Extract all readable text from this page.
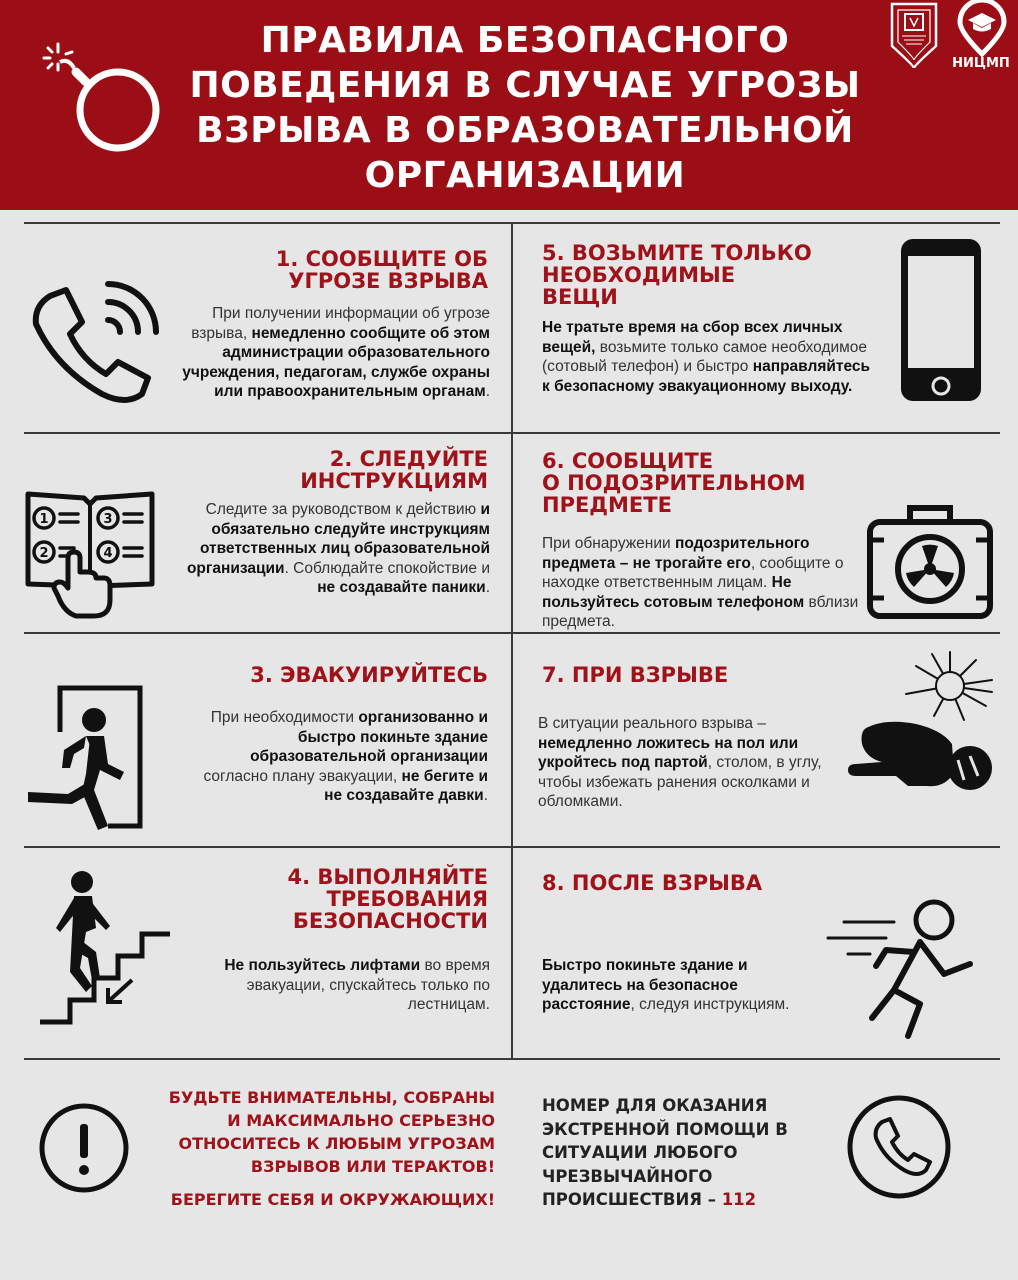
ПРАВИЛА БЕЗОПАСНОГО
ПОВЕДЕНИЯ В СЛУЧАЕ УГРОЗЫ
ВЗРЫВА В ОБРАЗОВАТЕЛЬНОЙ
ОРГАНИЗАЦИИ
НИЦМП
1. СООБЩИТЕ ОБ
УГРОЗЕ ВЗРЫВА
При получении информации об угрозе взрыва, немедленно сообщите об этом администрации образовательного учреждения, педагогам, службе охраны или правоохранительным органам.
5. ВОЗЬМИТЕ ТОЛЬКО
НЕОБХОДИМЫЕ
ВЕЩИ
Не тратьте время на сбор всех личных вещей, возьмите только самое необходимое (сотовый телефон) и быстро направляйтесь к безопасному эвакуационному выходу.
2. СЛЕДУЙТЕ
ИНСТРУКЦИЯМ
Следите за руководством к действию и обязательно следуйте инструкциям ответственных лиц образовательной организации. Соблюдайте спокойствие и не создавайте паники.
1
2
3
4
6. СООБЩИТЕ
О ПОДОЗРИТЕЛЬНОМ
ПРЕДМЕТЕ
При обнаружении подозрительного предмета – не трогайте его, сообщите о находке ответственным лицам. Не пользуйтесь сотовым телефоном вблизи предмета.
3. ЭВАКУИРУЙТЕСЬ
При необходимости организованно и быстро покиньте здание образовательной организации согласно плану эвакуации, не бегите и не создавайте давки.
7. ПРИ ВЗРЫВЕ
В ситуации реального взрыва – немедленно ложитесь на пол или укройтесь под партой, столом, в углу, чтобы избежать ранения осколками и обломками.
4. ВЫПОЛНЯЙТЕ
ТРЕБОВАНИЯ
БЕЗОПАСНОСТИ
Не пользуйтесь лифтами во время эвакуации, спускайтесь только по лестницам.
8. ПОСЛЕ ВЗРЫВА
Быстро покиньте здание и удалитесь на безопасное расстояние, следуя инструкциям.
БУДЬТЕ ВНИМАТЕЛЬНЫ, СОБРАНЫ
И МАКСИМАЛЬНО СЕРЬЕЗНО
ОТНОСИТЕСЬ К ЛЮБЫМ УГРОЗАМ
ВЗРЫВОВ ИЛИ ТЕРАКТОВ!
БЕРЕГИТЕ СЕБЯ И ОКРУЖАЮЩИХ!
НОМЕР ДЛЯ ОКАЗАНИЯ ЭКСТРЕННОЙ ПОМОЩИ В СИТУАЦИИ ЛЮБОГО ЧРЕЗВЫЧАЙНОГО ПРОИСШЕСТВИЯ – 112
